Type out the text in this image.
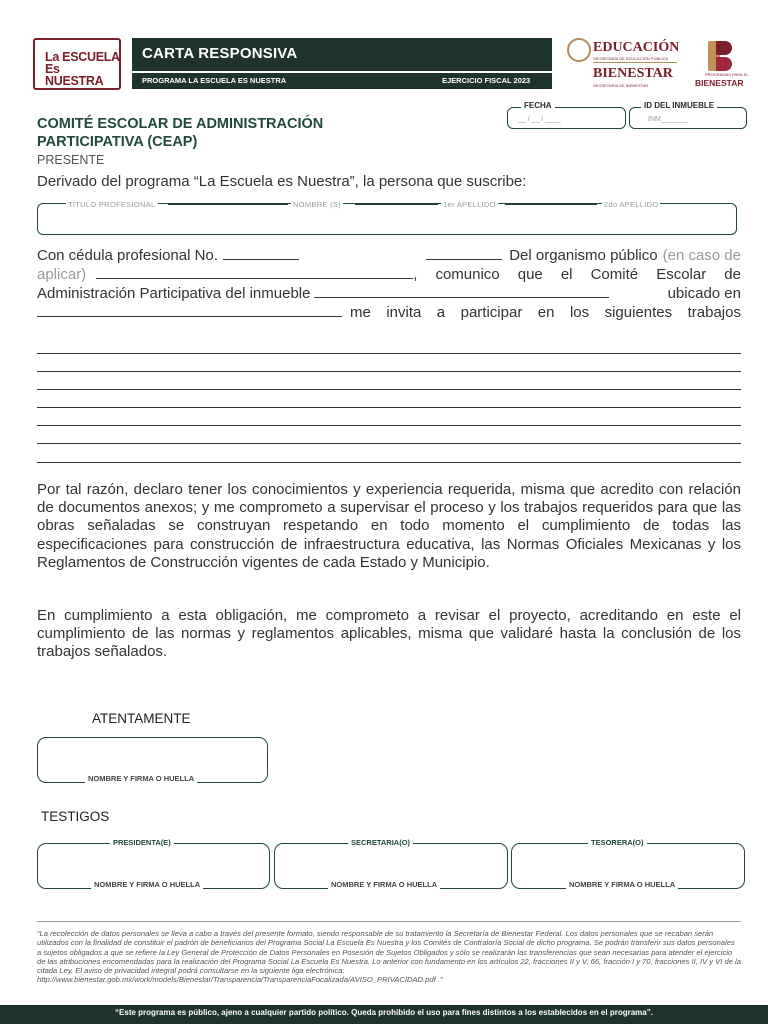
La ESCUELA
Es NUESTRA
CARTA RESPONSIVA
PROGRAMA LA ESCUELA ES NUESTRA	EJERCICIO FISCAL 2023
EDUCACIÓN
SECRETARÍA DE EDUCACIÓN PÚBLICA
BIENESTAR
SECRETARÍA DE BIENESTAR
PROGRAMAS PARA EL
BIENESTAR
FECHA
__ / __ / ____
ID DEL INMUEBLE
INM_______
COMITÉ ESCOLAR DE ADMINISTRACIÓN
PARTICIPATIVA (CEAP)
PRESENTE
Derivado del programa “La Escuela es Nuestra”, la persona que suscribe:
TÍTULO PROFESIONAL	NOMBRE (S)	1er APELLIDO	2do APELLIDO
Con cédula profesional No.	Del organismo público (en caso de
aplicar)	, comunico que el Comité Escolar de
Administración Participativa del inmueble	ubicado en
me invita a participar en los siguientes trabajos
Por tal razón, declaro tener los conocimientos y experiencia requerida, misma que acredito con relación de documentos anexos; y me comprometo a supervisar el proceso y los trabajos requeridos para que las obras señaladas se construyan respetando en todo momento el cumplimiento de todas las especificaciones para construcción de infraestructura educativa, las Normas Oficiales Mexicanas y los Reglamentos de Construcción vigentes de cada Estado y Municipio.
En cumplimiento a esta obligación, me comprometo a revisar el proyecto, acreditando en este el cumplimiento de las normas y reglamentos aplicables, misma que validaré hasta la conclusión de los trabajos señalados.
ATENTAMENTE
NOMBRE Y FIRMA O HUELLA
TESTIGOS
PRESIDENTA(E)
NOMBRE Y FIRMA O HUELLA
SECRETARIA(O)
NOMBRE Y FIRMA O HUELLA
TESORERA(O)
NOMBRE Y FIRMA O HUELLA
“La recolección de datos personales se lleva a cabo a través del presente formato, siendo responsable de su tratamiento la Secretaría de Bienestar Federal. Los datos personales que se recaban serán utilizados con la finalidad de constituir el padrón de beneficiarios del Programa Social La Escuela Es Nuestra y los Comités de Contraloría Social de dicho programa. Se podrán transferir sus datos personales a sujetos obligados a que se refiere la Ley General de Protección de Datos Personales en Posesión de Sujetos Obligados y sólo se realizarán las transferencias que sean necesarias para atender el ejercicio de las atribuciones encomendadas para la realización del Programa Social La Escuela Es Nuestra. Lo anterior con fundamento en los artículos 22, fracciones II y V, 66, fracción I y 70, fracciones II, IV y VI de la citada Ley. El aviso de privacidad integral podrá consultarse en la siguiente liga electrónica: http://www.bienestar.gob.mx/work/models/Bienestar/Transparencia/TransparenciaFocalizada/AVISO_PRIVACIDAD.pdf .”
“Este programa es público, ajeno a cualquier partido político. Queda prohibido el uso para fines distintos a los establecidos en el programa”.
